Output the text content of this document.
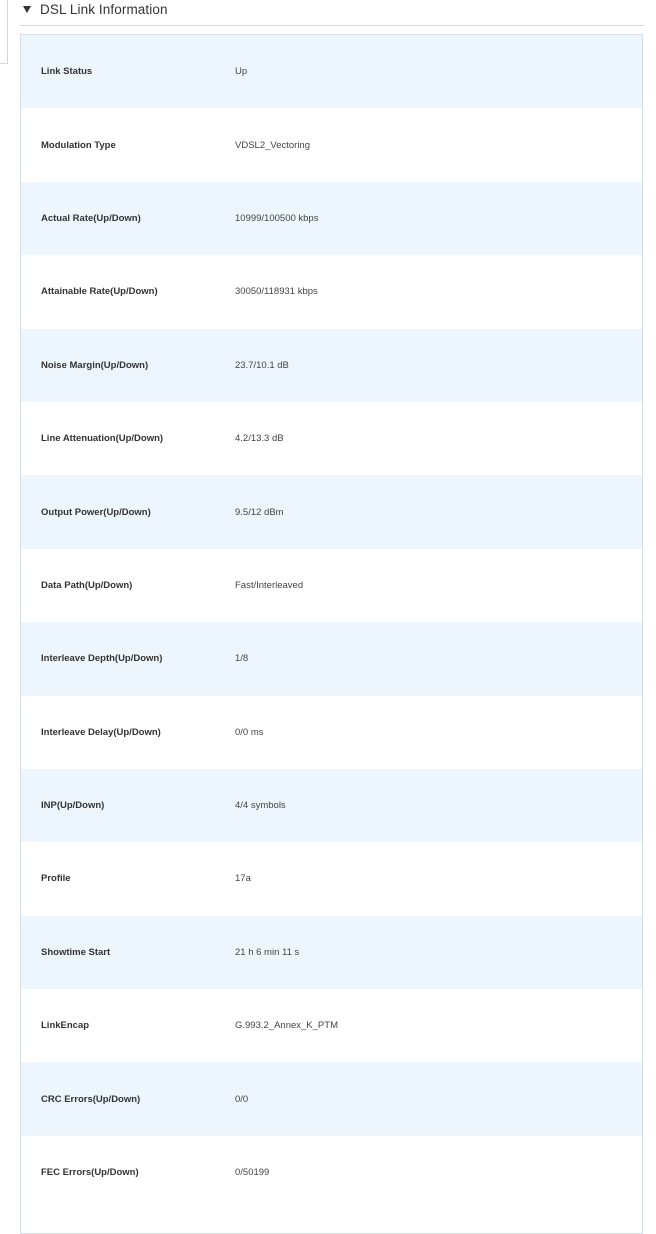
DSL Link Information
Link Status	Up
Modulation Type	VDSL2_Vectoring
Actual Rate(Up/Down)	10999/100500 kbps
Attainable Rate(Up/Down)	30050/118931 kbps
Noise Margin(Up/Down)	23.7/10.1 dB
Line Attenuation(Up/Down)	4.2/13.3 dB
Output Power(Up/Down)	9.5/12 dBm
Data Path(Up/Down)	Fast/Interleaved
Interleave Depth(Up/Down)	1/8
Interleave Delay(Up/Down)	0/0 ms
INP(Up/Down)	4/4 symbols
Profile	17a
Showtime Start	21 h 6 min 11 s
LinkEncap	G.993.2_Annex_K_PTM
CRC Errors(Up/Down)	0/0
FEC Errors(Up/Down)	0/50199
